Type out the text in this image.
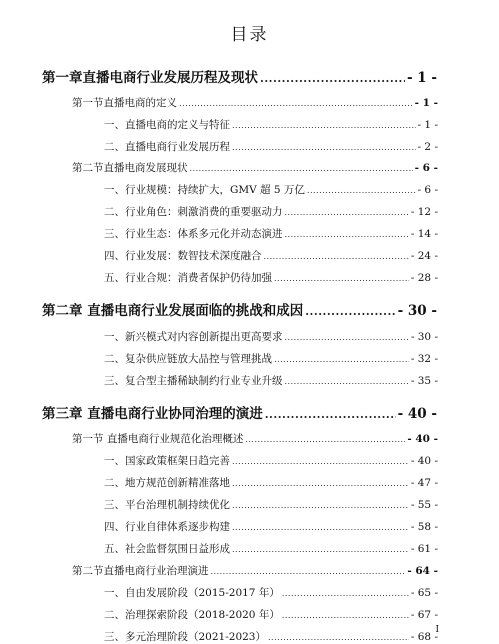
目录
第一章直播电商行业发展历程及现状 .....	- 1 -
第一节直播电商的定义 .....	- 1 -
一、直播电商的定义与特征 .....	- 1 -
二、直播电商行业发展历程 .....	- 2 -
第二节直播电商发展现状 .....	- 6 -
一、行业规模：持续扩大，GMV 超 5 万亿 .....	- 6 -
二、行业角色：刺激消费的重要驱动力 .....	- 12 -
三、行业生态：体系多元化并动态演进 .....	- 14 -
四、行业发展：数智技术深度融合 .....	- 24 -
五、行业合规：消费者保护仍待加强 .....	- 28 -
第二章 直播电商行业发展面临的挑战和成因 .....	- 30 -
一、新兴模式对内容创新提出更高要求 .....	- 30 -
二、复杂供应链放大品控与管理挑战 .....	- 32 -
三、复合型主播稀缺制约行业专业升级 .....	- 35 -
第三章 直播电商行业协同治理的演进 .....	- 40 -
第一节 直播电商行业规范化治理概述 .....	- 40 -
一、国家政策框架日趋完善 .....	- 40 -
二、地方规范创新精准落地 .....	- 47 -
三、平台治理机制持续优化 .....	- 55 -
四、行业自律体系逐步构建 .....	- 58 -
五、社会监督氛围日益形成 .....	- 61 -
第二节直播电商行业治理演进 .....	- 64 -
一、自由发展阶段（2015-2017 年） .....	- 65 -
二、治理探索阶段（2018-2020 年） .....	- 67 -
三、多元治理阶段（2021-2023） .....	- 68 -
I
